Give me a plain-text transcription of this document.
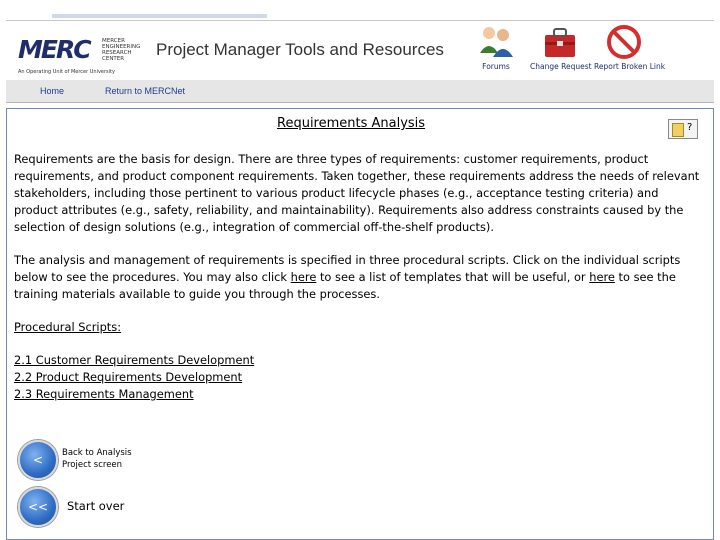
MERC MERCER ENGINEERING RESEARCH CENTER
An Operating Unit of Mercer University
Project Manager Tools and Resources
Forums	Change Request Report Broken Link
Home	Return to MERCNet
Requirements Analysis	?

Requirements are the basis for design. There are three types of requirements: customer requirements, product requirements, and product component requirements. Taken together, these requirements address the needs of relevant stakeholders, including those pertinent to various product lifecycle phases (e.g., acceptance testing criteria) and product attributes (e.g., safety, reliability, and maintainability). Requirements also address constraints caused by the selection of design solutions (e.g., integration of commercial off-the-shelf products).

The analysis and management of requirements is specified in three procedural scripts. Click on the individual scripts below to see the procedures. You may also click here to see a list of templates that will be useful, or here to see the training materials available to guide you through the processes.

Procedural Scripts:
2.1 Customer Requirements Development
2.2 Product Requirements Development
2.3 Requirements Management
<	Back to Analysis
Project screen
<<	Start over
